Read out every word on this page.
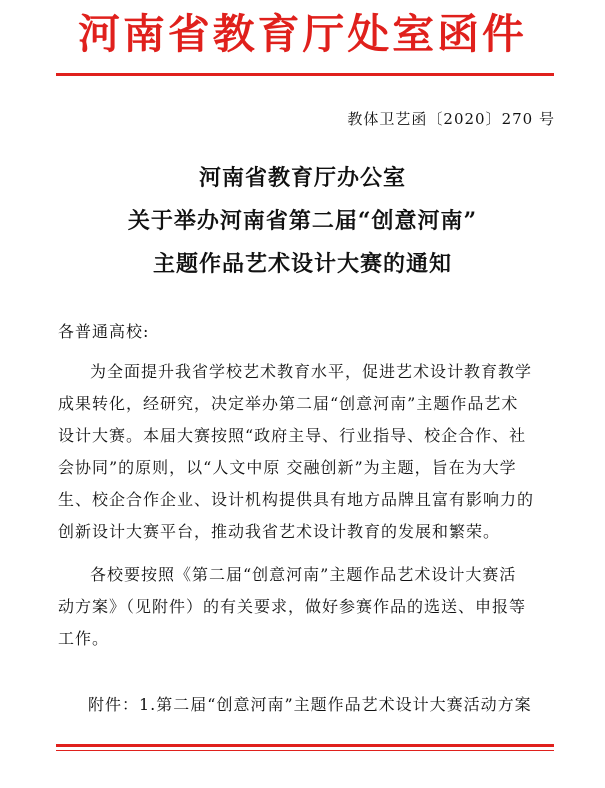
河南省教育厅处室函件
教体卫艺函〔2020〕270 号
河南省教育厅办公室
关于举办河南省第二届“创意河南”
主题作品艺术设计大赛的通知
各普通高校:
为全面提升我省学校艺术教育水平，促进艺术设计教育教学
成果转化，经研究，决定举办第二届“创意河南”主题作品艺术
设计大赛。本届大赛按照“政府主导、行业指导、校企合作、社
会协同”的原则，以“人文中原 交融创新”为主题，旨在为大学
生、校企合作企业、设计机构提供具有地方品牌且富有影响力的
创新设计大赛平台，推动我省艺术设计教育的发展和繁荣。
各校要按照《第二届“创意河南”主题作品艺术设计大赛活
动方案》（见附件）的有关要求，做好参赛作品的选送、申报等
工作。
附件：1.第二届“创意河南”主题作品艺术设计大赛活动方案
